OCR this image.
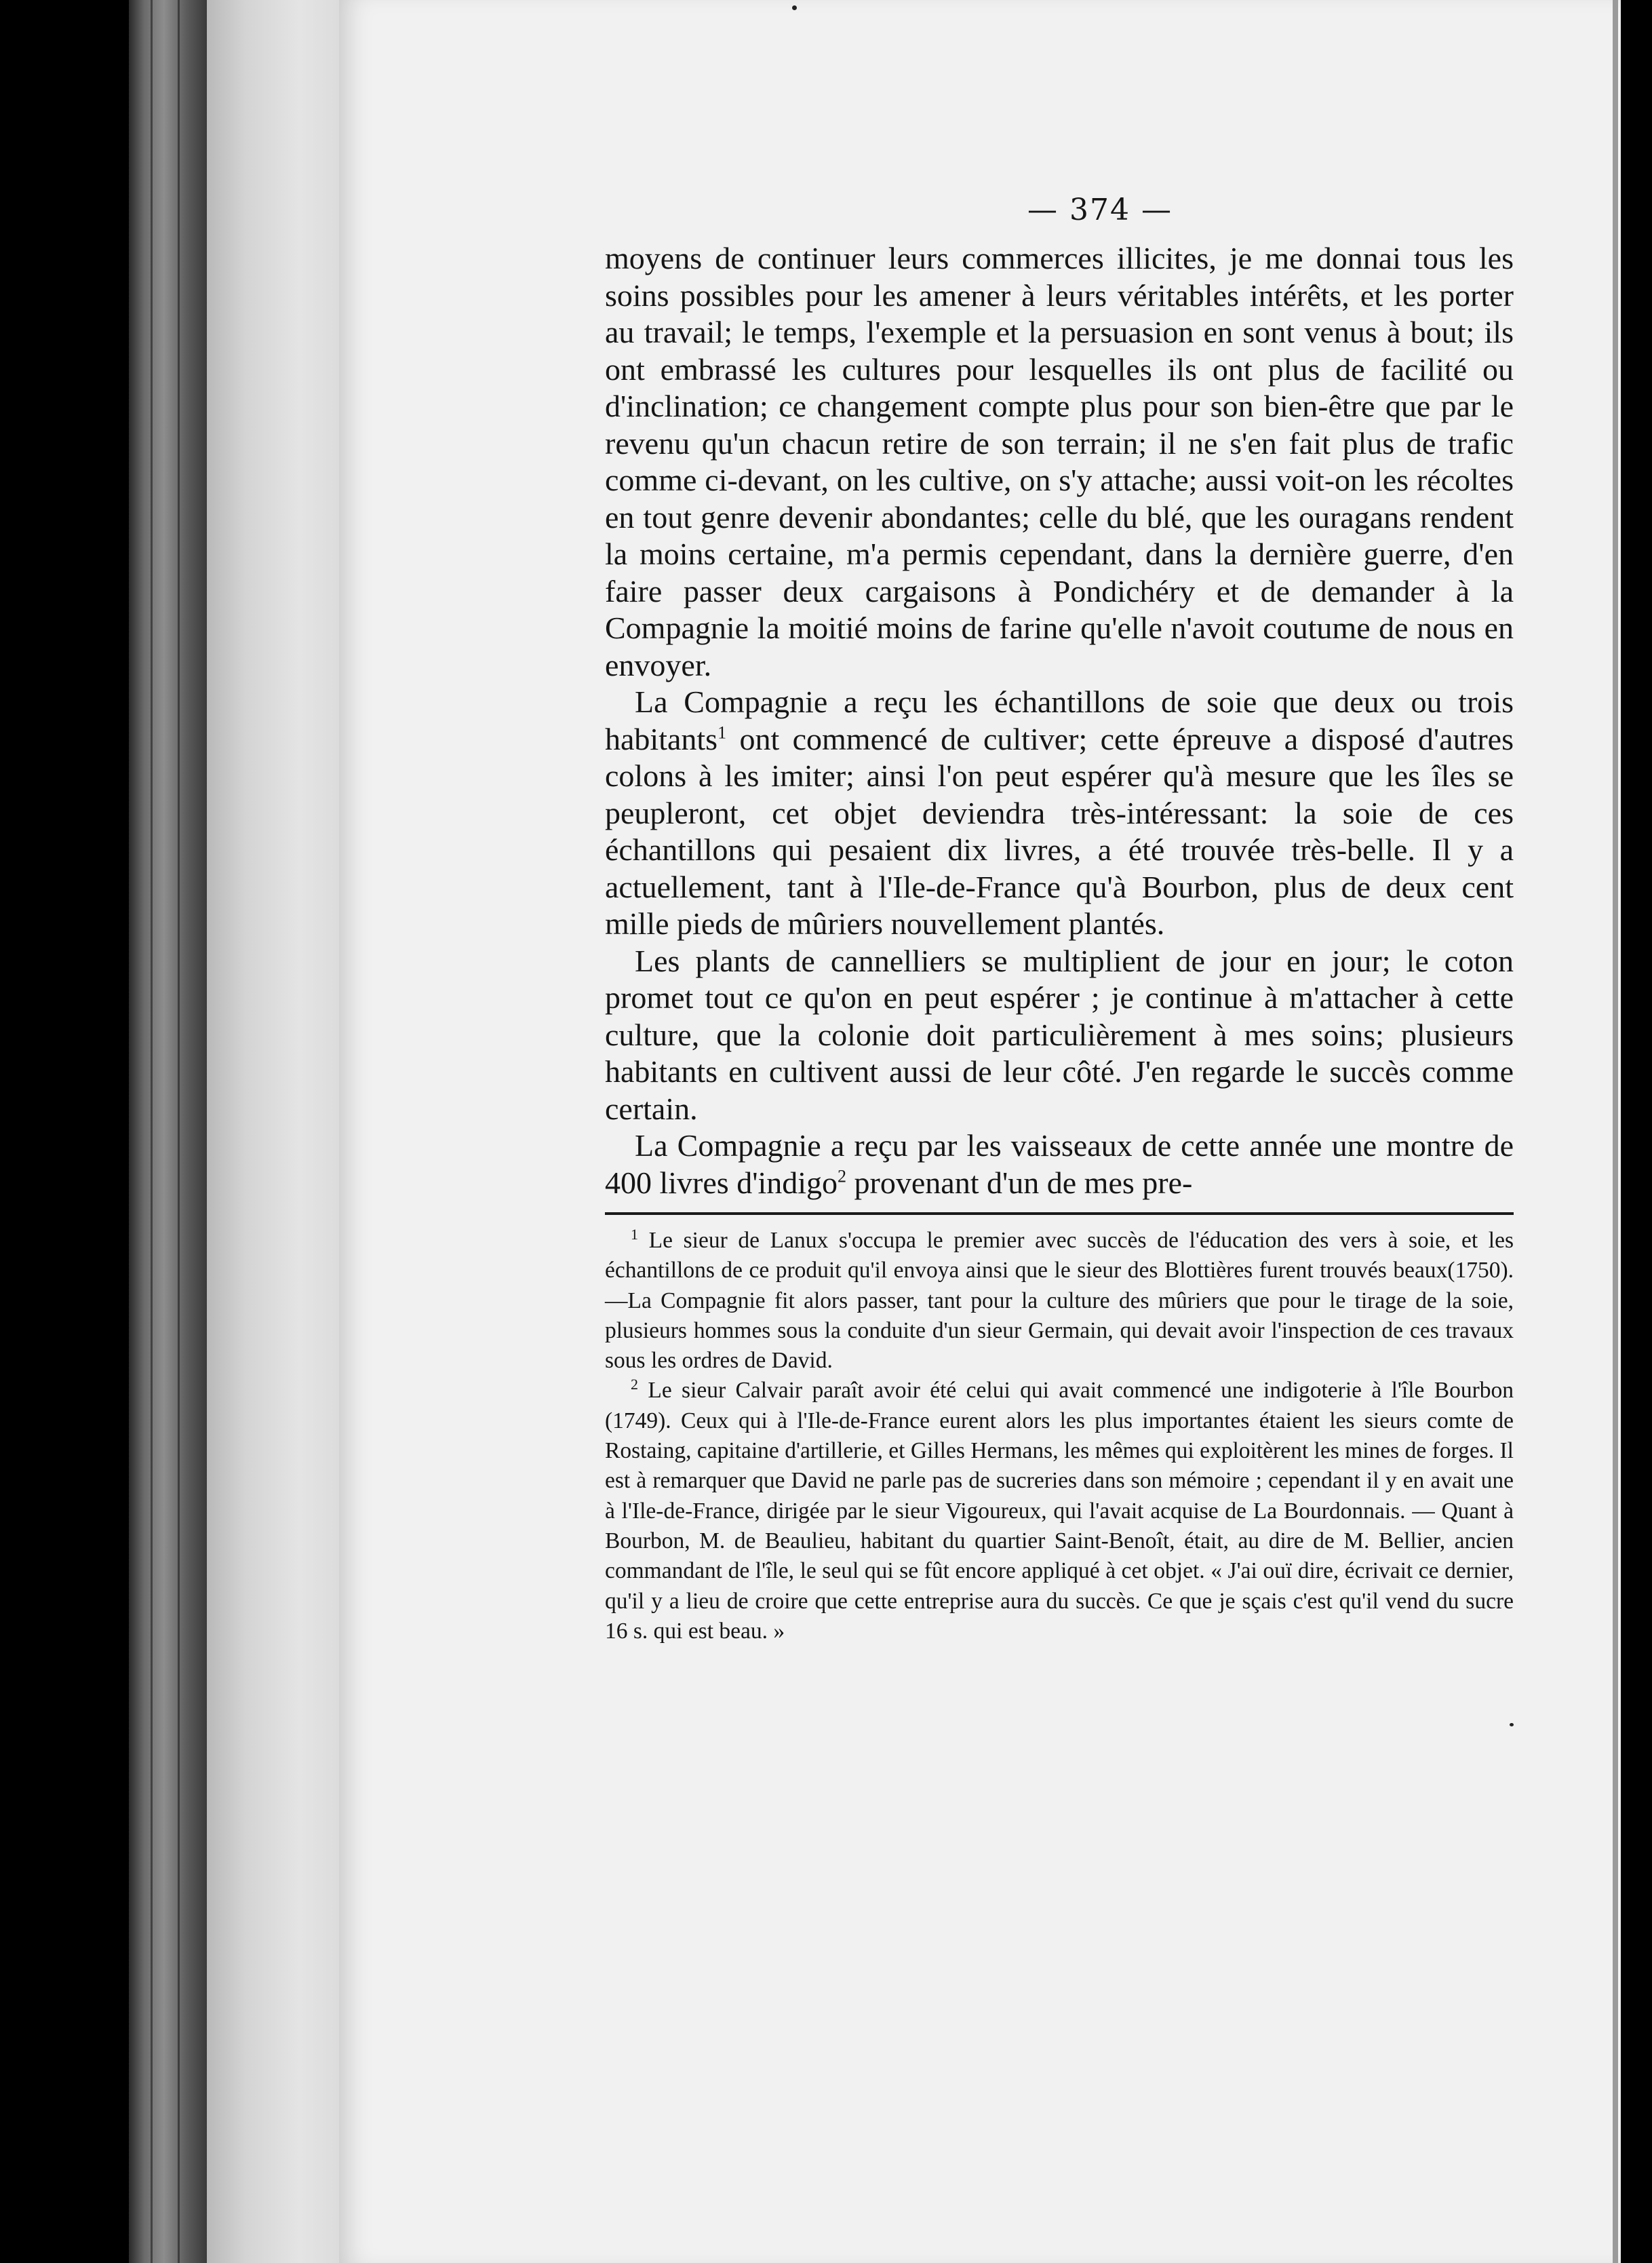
— 374 —

moyens de continuer leurs commerces illicites, je me donnai tous les soins possibles pour les amener à leurs véritables intérêts, et les porter au travail; le temps, l'exemple et la persuasion en sont venus à bout; ils ont embrassé les cultures pour lesquelles ils ont plus de facilité ou d'inclination; ce changement compte plus pour son bien-être que par le revenu qu'un chacun retire de son terrain; il ne s'en fait plus de trafic comme ci-devant, on les cultive, on s'y attache; aussi voit-on les récoltes en tout genre devenir abondantes; celle du blé, que les ouragans rendent la moins certaine, m'a permis cependant, dans la dernière guerre, d'en faire passer deux cargaisons à Pondichéry et de demander à la Compagnie la moitié moins de farine qu'elle n'avoit coutume de nous en envoyer.

La Compagnie a reçu les échantillons de soie que deux ou trois habitants$^1$ ont commencé de cultiver; cette épreuve a disposé d'autres colons à les imiter; ainsi l'on peut espérer qu'à mesure que les îles se peupleront, cet objet deviendra très-intéressant: la soie de ces échantillons qui pesaient dix livres, a été trouvée très-belle. Il y a actuellement, tant à l'Ile-de-France qu'à Bourbon, plus de deux cent mille pieds de mûriers nouvellement plantés.

Les plants de cannelliers se multiplient de jour en jour; le coton promet tout ce qu'on en peut espérer ; je continue à m'attacher à cette culture, que la colonie doit particulièrement à mes soins; plusieurs habitants en cultivent aussi de leur côté. J'en regarde le succès comme certain.

La Compagnie a reçu par les vaisseaux de cette année une montre de 400 livres d'indigo$^2$ provenant d'un de mes pre-

$^1$ Le sieur de Lanux s'occupa le premier avec succès de l'éducation des vers à soie, et les échantillons de ce produit qu'il envoya ainsi que le sieur des Blottières furent trouvés beaux(1750).—La Compagnie fit alors passer, tant pour la culture des mûriers que pour le tirage de la soie, plusieurs hommes sous la conduite d'un sieur Germain, qui devait avoir l'inspection de ces travaux sous les ordres de David.

$^2$ Le sieur Calvair paraît avoir été celui qui avait commencé une indigoterie à l'île Bourbon (1749). Ceux qui à l'Ile-de-France eurent alors les plus importantes étaient les sieurs comte de Rostaing, capitaine d'artillerie, et Gilles Hermans, les mêmes qui exploitèrent les mines de forges. Il est à remarquer que David ne parle pas de sucreries dans son mémoire ; cependant il y en avait une à l'Ile-de-France, dirigée par le sieur Vigoureux, qui l'avait acquise de La Bourdonnais. — Quant à Bourbon, M. de Beaulieu, habitant du quartier Saint-Benoît, était, au dire de M. Bellier, ancien commandant de l'île, le seul qui se fût encore appliqué à cet objet. « J'ai ouï dire, écrivait ce dernier, qu'il y a lieu de croire que cette entreprise aura du succès. Ce que je sçais c'est qu'il vend du sucre 16 s. qui est beau. »
